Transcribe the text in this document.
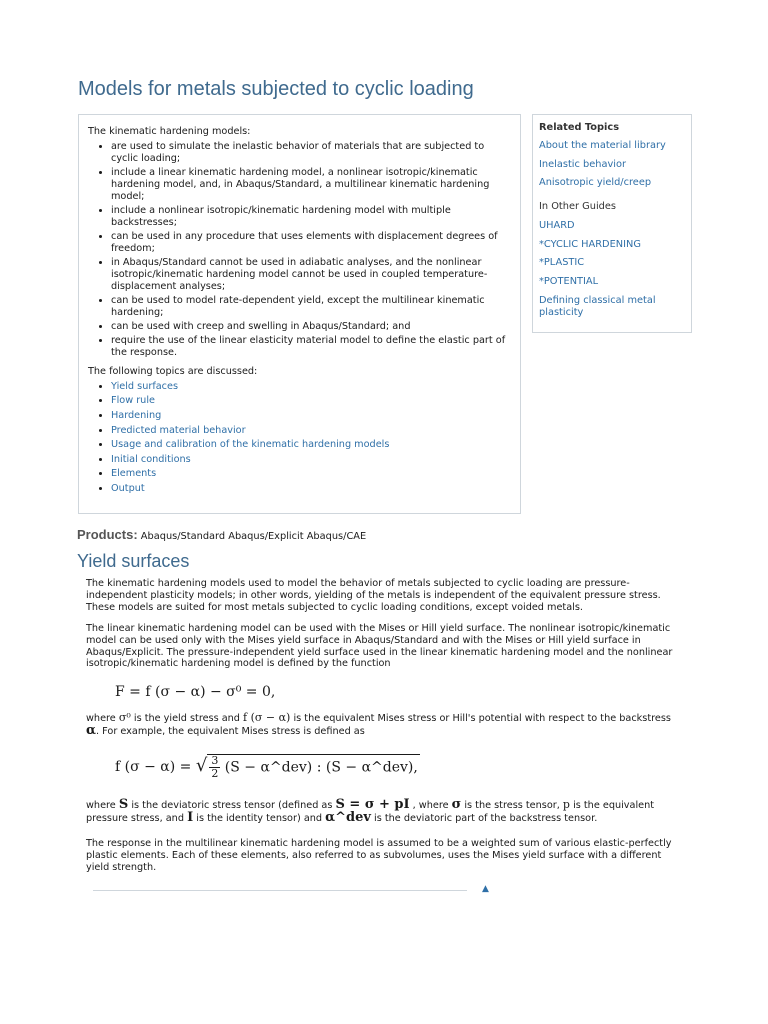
Models for metals subjected to cyclic loading

The kinematic hardening models:

• are used to simulate the inelastic behavior of materials that are subjected to cyclic loading;
• include a linear kinematic hardening model, a nonlinear isotropic/kinematic hardening model, and, in Abaqus/Standard, a multilinear kinematic hardening model;
• include a nonlinear isotropic/kinematic hardening model with multiple backstresses;
• can be used in any procedure that uses elements with displacement degrees of freedom;
• in Abaqus/Standard cannot be used in adiabatic analyses, and the nonlinear isotropic/kinematic hardening model cannot be used in coupled temperature-displacement analyses;
• can be used to model rate-dependent yield, except the multilinear kinematic hardening;
• can be used with creep and swelling in Abaqus/Standard; and
• require the use of the linear elasticity material model to define the elastic part of the response.

The following topics are discussed:

• Yield surfaces
• Flow rule
• Hardening
• Predicted material behavior
• Usage and calibration of the kinematic hardening models
• Initial conditions
• Elements
• Output

Related Topics

About the material library
Inelastic behavior
Anisotropic yield/creep

In Other Guides

UHARD
*CYCLIC HARDENING
*PLASTIC
*POTENTIAL
Defining classical metal plasticity
Products: Abaqus/Standard Abaqus/Explicit Abaqus/CAE
Yield surfaces

The kinematic hardening models used to model the behavior of metals subjected to cyclic loading are pressure-independent plasticity models; in other words, yielding of the metals is independent of the equivalent pressure stress. These models are suited for most metals subjected to cyclic loading conditions, except voided metals.

The linear kinematic hardening model can be used with the Mises or Hill yield surface. The nonlinear isotropic/kinematic model can be used only with the Mises yield surface in Abaqus/Standard and with the Mises or Hill yield surface in Abaqus/Explicit. The pressure-independent yield surface used in the linear kinematic hardening model and the nonlinear isotropic/kinematic hardening model is defined by the function

F = f (σ − α) − σ⁰ = 0,

where σ⁰ is the yield stress and f (σ − α) is the equivalent Mises stress or Hill's potential with respect to the backstress α. For example, the equivalent Mises stress is defined as

f (σ − α) = √ $\frac{3}{2} (S$ − α^dev) : (S − α^dev),

where S is the deviatoric stress tensor (defined as S = σ + pI , where σ is the stress tensor, p is the equivalent pressure stress, and I is the identity tensor) and α^dev is the deviatoric part of the backstress tensor.

The response in the multilinear kinematic hardening model is assumed to be a weighted sum of various elastic-perfectly plastic elements. Each of these elements, also referred to as subvolumes, uses the Mises yield surface with a different yield strength.

▲
